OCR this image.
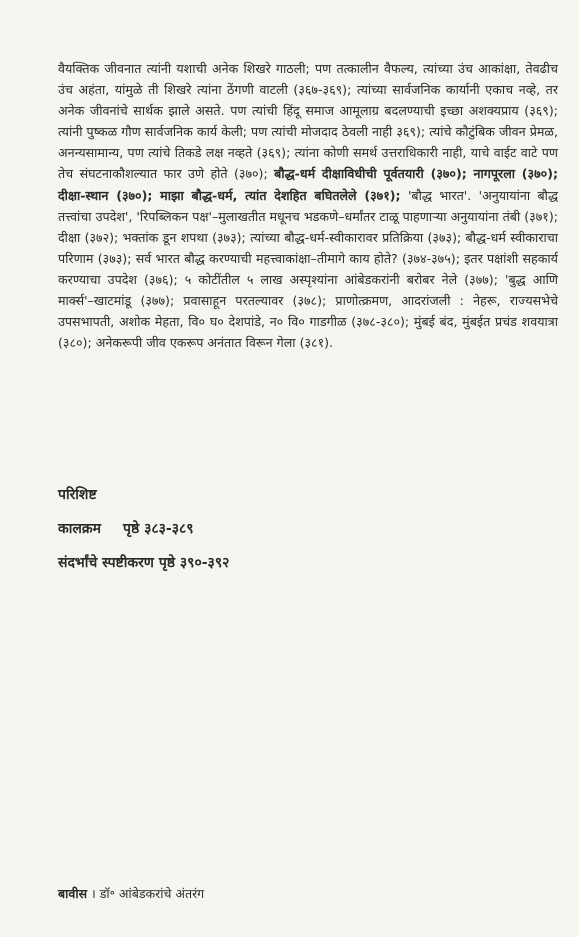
वैयक्तिक जीवनात त्यांनी यशाची अनेक शिखरे गाठली; पण तत्कालीन वैफल्य, त्यांच्या उंच आकांक्षा, तेवढीच उंच अहंता, यांमुळे ती शिखरे त्यांना ठेंगणी वाटली (३६७-३६९); त्यांच्या सार्वजनिक कार्यानी एकाच नव्हे, तर अनेक जीवनांचे सार्थक झाले असते. पण त्यांची हिंदू समाज आमूलाग्र बदलण्याची इच्छा अशक्यप्राय (३६९); त्यांनी पुष्कळ गौण सार्वजनिक कार्य केली; पण त्यांची मोजदाद ठेवली नाही ३६९); त्यांचे कौटुंबिक जीवन प्रेमळ, अनन्यसामान्य, पण त्यांचे तिकडे लक्ष नव्हते (३६९); त्यांना कोणी समर्थ उत्तराधिकारी नाही, याचे वाईट वाटे पण तेच संघटनाकौशल्यात फार उणे होते (३७०); बौद्ध-धर्म दीक्षाविधीची पूर्वतयारी (३७०); नागपूरला (३७०); दीक्षा-स्थान (३७०); माझा बौद्ध-धर्म, त्यांत देशहित बघितलेले (३७१); 'बौद्ध भारत'. 'अनुयायांना बौद्ध तत्त्वांचा उपदेश', 'रिपब्लिकन पक्ष'–मुलाखतीत मधूनच भडकणे–धर्मांतर टाळू पाहणाऱ्या अनुयायांना तंबी (३७१); दीक्षा (३७२); भक्तांक डून शपथा (३७३); त्यांच्या बौद्ध-धर्म-स्वीकारावर प्रतिक्रिया (३७३); बौद्ध-धर्म स्वीकाराचा परिणाम (३७३); सर्व भारत बौद्ध करण्याची महत्त्वाकांक्षा–तीमागे काय होते? (३७४-३७५); इतर पक्षांशी सहकार्य करण्याचा उपदेश (३७६); ५ कोटींतील ५ लाख अस्पृश्यांना आंबेडकरांनी बरोबर नेले (३७७); 'बुद्ध आणि मार्क्स'–खाटमांडू (३७७); प्रवासाहून परतल्यावर (३७८); प्राणोत्क्रमण, आदरांजली : नेहरू, राज्यसभेचे उपसभापती, अशोक मेहता, वि० घ० देशपांडे, न० वि० गाडगीळ (३७८-३८०); मुंबई बंद, मुंबईत प्रचंड शवयात्रा (३८०); अनेकरूपी जीव एकरूप अनंतात विरून गेला (३८१).

परिशिष्ट

कालक्रम पृष्ठे ३८३-३८९

संदर्भांचे स्पष्टीकरण पृष्ठे ३९०-३९२

बावीस । डॉ॰ आंबेडकरांचे अंतरंग
